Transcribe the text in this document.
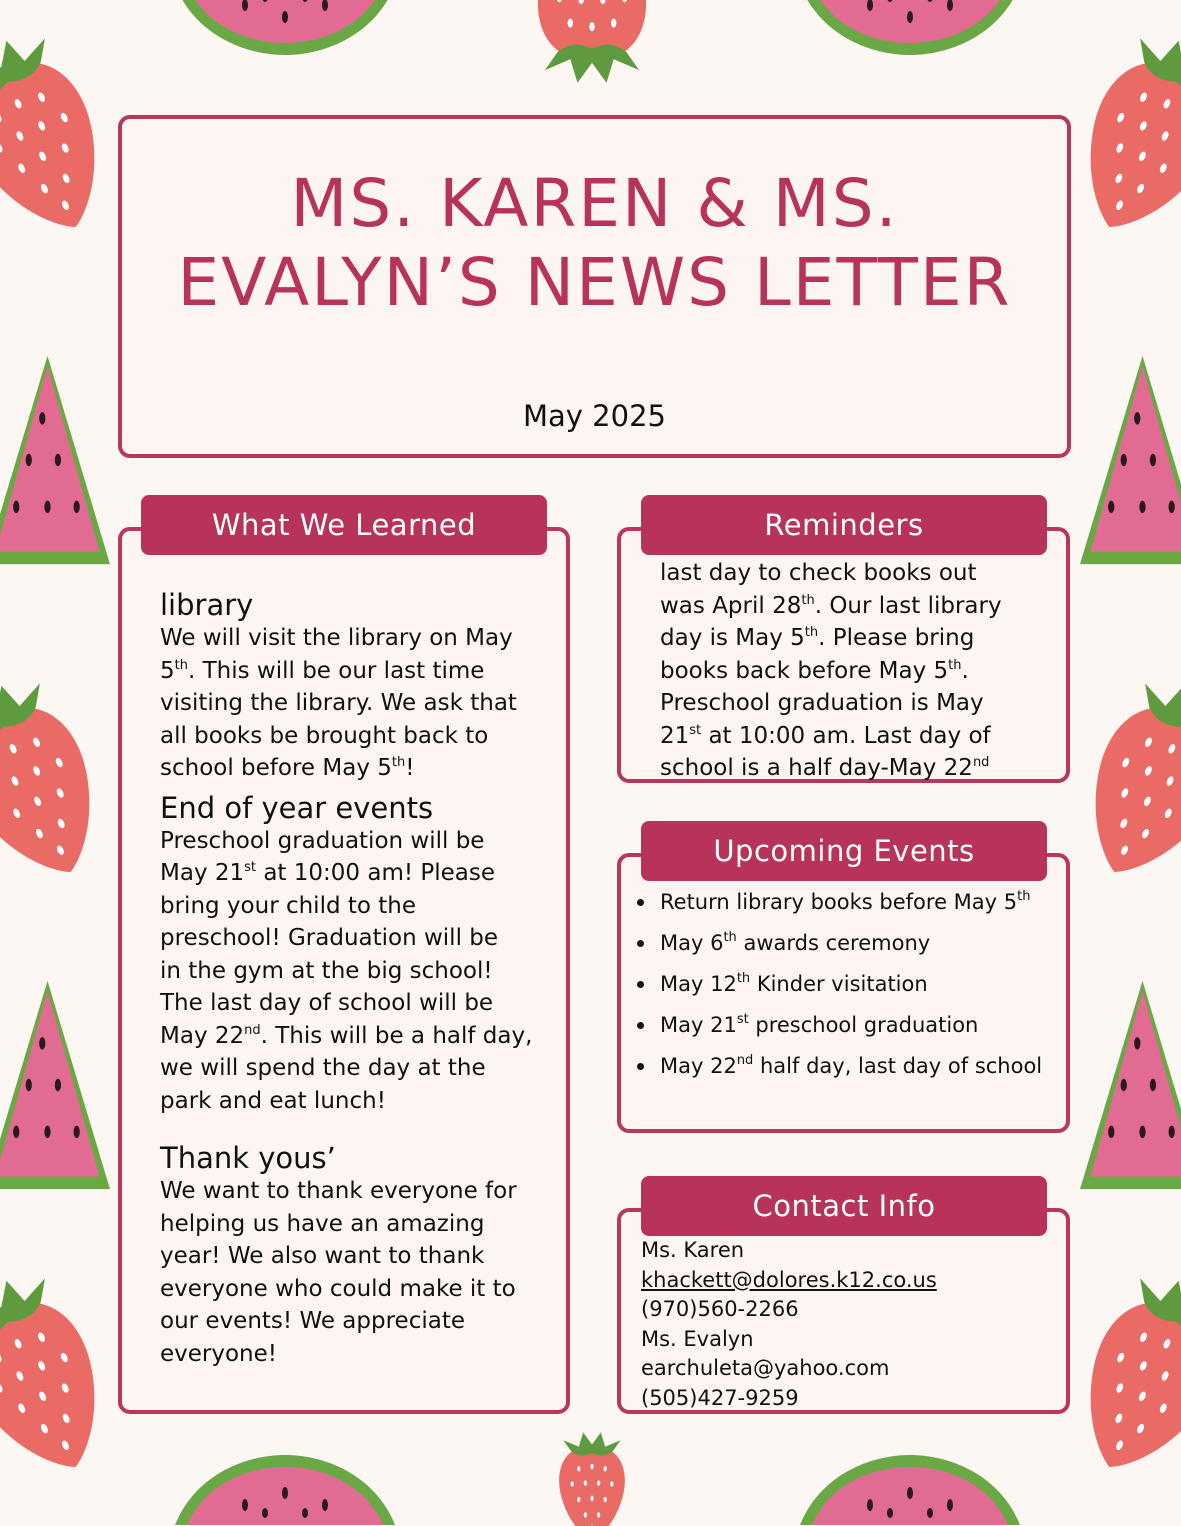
MS. KAREN & MS. EVALYN’S NEWS LETTER
May 2025
What We Learned
library
We will visit the library on May
5th. This will be our last time
visiting the library. We ask that
all books be brought back to
school before May 5th!
End of year events
Preschool graduation will be
May 21st at 10:00 am! Please
bring your child to the
preschool! Graduation will be
in the gym at the big school!
The last day of school will be
May 22nd. This will be a half day,
we will spend the day at the
park and eat lunch!
Thank yous’
We want to thank everyone for
helping us have an amazing
year! We also want to thank
everyone who could make it to
our events! We appreciate
everyone!
Reminders
last day to check books out
was April 28th. Our last library
day is May 5th. Please bring
books back before May 5th.
Preschool graduation is May
21st at 10:00 am. Last day of
school is a half day-May 22nd
Upcoming Events
Return library books before May 5th
May 6th awards ceremony
May 12th Kinder visitation
May 21st preschool graduation
May 22nd half day, last day of school
Contact Info
Ms. Karen
khackett@dolores.k12.co.us
(970)560-2266
Ms. Evalyn
earchuleta@yahoo.com
(505)427-9259
